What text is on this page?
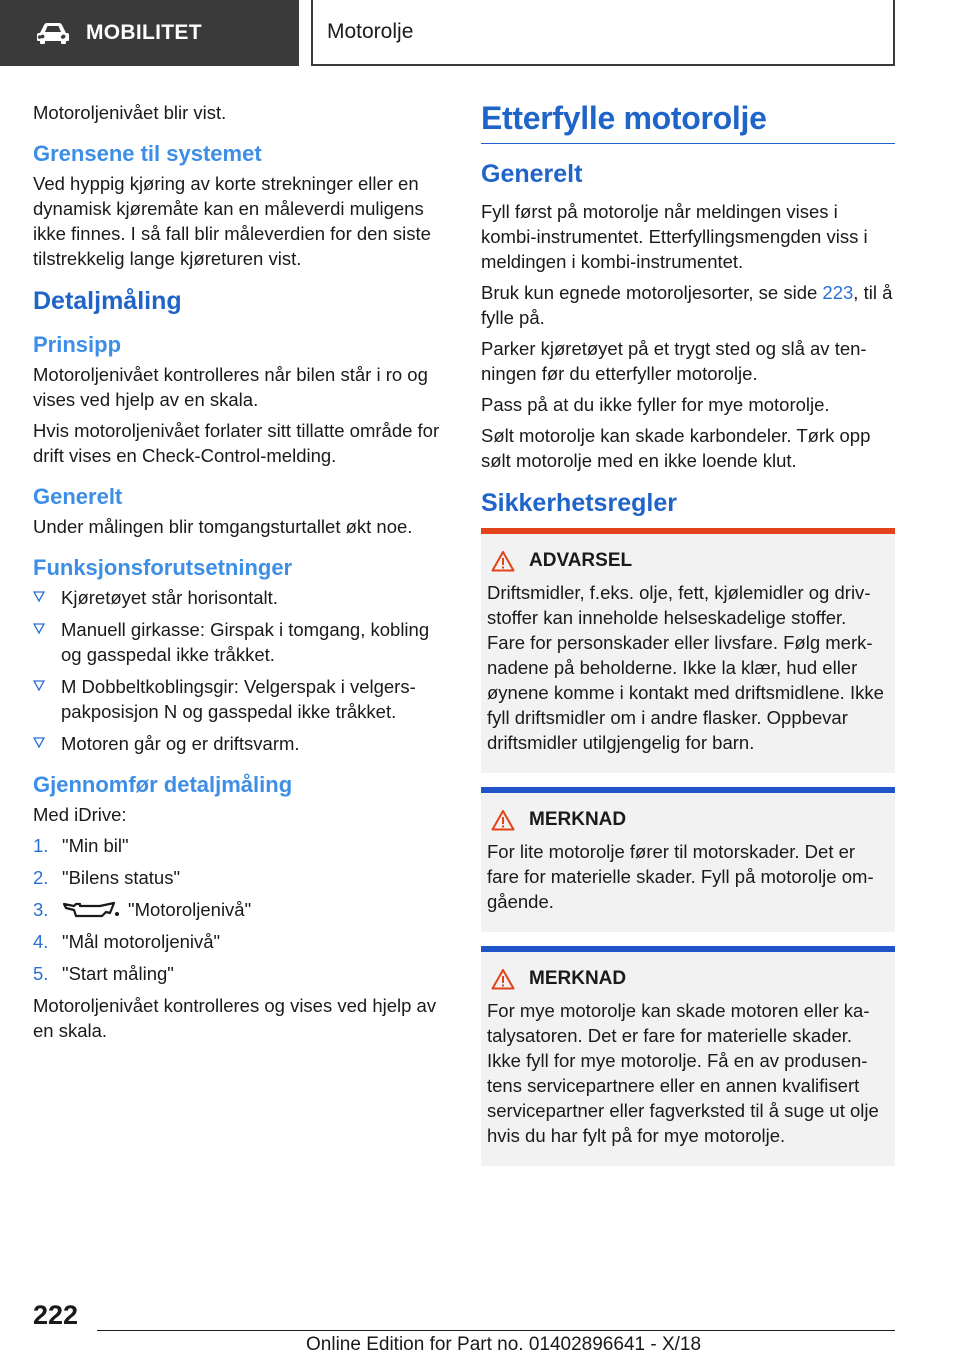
MOBILITET	Motorolje

Motoroljenivået blir vist.

Grensene til systemet

Ved hyppig kjøring av korte strekninger eller en dynamisk kjøremåte kan en måleverdi muligens ikke finnes. I så fall blir måleverdien for den siste tilstrekkelig lange kjøreturen vist.

Detaljmåling
Prinsipp

Motoroljenivået kontrolleres når bilen står i ro og vises ved hjelp av en skala.

Hvis motoroljenivået forlater sitt tillatte område for drift vises en Check-Control-melding.

Generelt

Under målingen blir tomgangsturtallet økt noe.

Funksjonsforutsetninger
Kjøretøyet står horisontalt.
Manuell girkasse: Girspak i tomgang, kobling og gasspedal ikke tråkket.
M Dobbeltkoblingsgir: Velgerspak i velgerspakposisjon N og gasspedal ikke tråkket.
Motoren går og er driftsvarm.
Gjennomfør detaljmåling

Med iDrive:

1. "Min bil"
2. "Bilens status"
3.	"Motoroljenivå"
4. "Mål motoroljenivå"
5. "Start måling"

Motoroljenivået kontrolleres og vises ved hjelp av en skala.

Etterfylle motorolje
Generelt

Fyll først på motorolje når meldingen vises i kombi-instrumentet. Etterfyllingsmengden viss i meldingen i kombi-instrumentet.

Bruk kun egnede motoroljesorter, se side 223, til å fylle på.

Parker kjøretøyet på et trygt sted og slå av tenningen før du etterfyller motorolje.

Pass på at du ikke fyller for mye motorolje.

Sølt motorolje kan skade karbondeler. Tørk opp sølt motorolje med en ikke loende klut.

Sikkerhetsregler
ADVARSEL

Driftsmidler, f.eks. olje, fett, kjølemidler og drivstoffer kan inneholde helseskadelige stoffer. Fare for personskader eller livsfare. Følg merknadene på beholderne. Ikke la klær, hud eller øynene komme i kontakt med driftsmidlene. Ikke fyll driftsmidler om i andre flasker. Oppbevar driftsmidler utilgjengelig for barn.

MERKNAD

For lite motorolje fører til motorskader. Det er fare for materielle skader. Fyll på motorolje omgående.

MERKNAD

For mye motorolje kan skade motoren eller katalysatoren. Det er fare for materielle skader. Ikke fyll for mye motorolje. Få en av produsentens servicepartnere eller en annen kvalifisert servicepartner eller fagverksted til å suge ut olje hvis du har fylt på for mye motorolje.

222
Online Edition for Part no. 01402896641 - X/18
